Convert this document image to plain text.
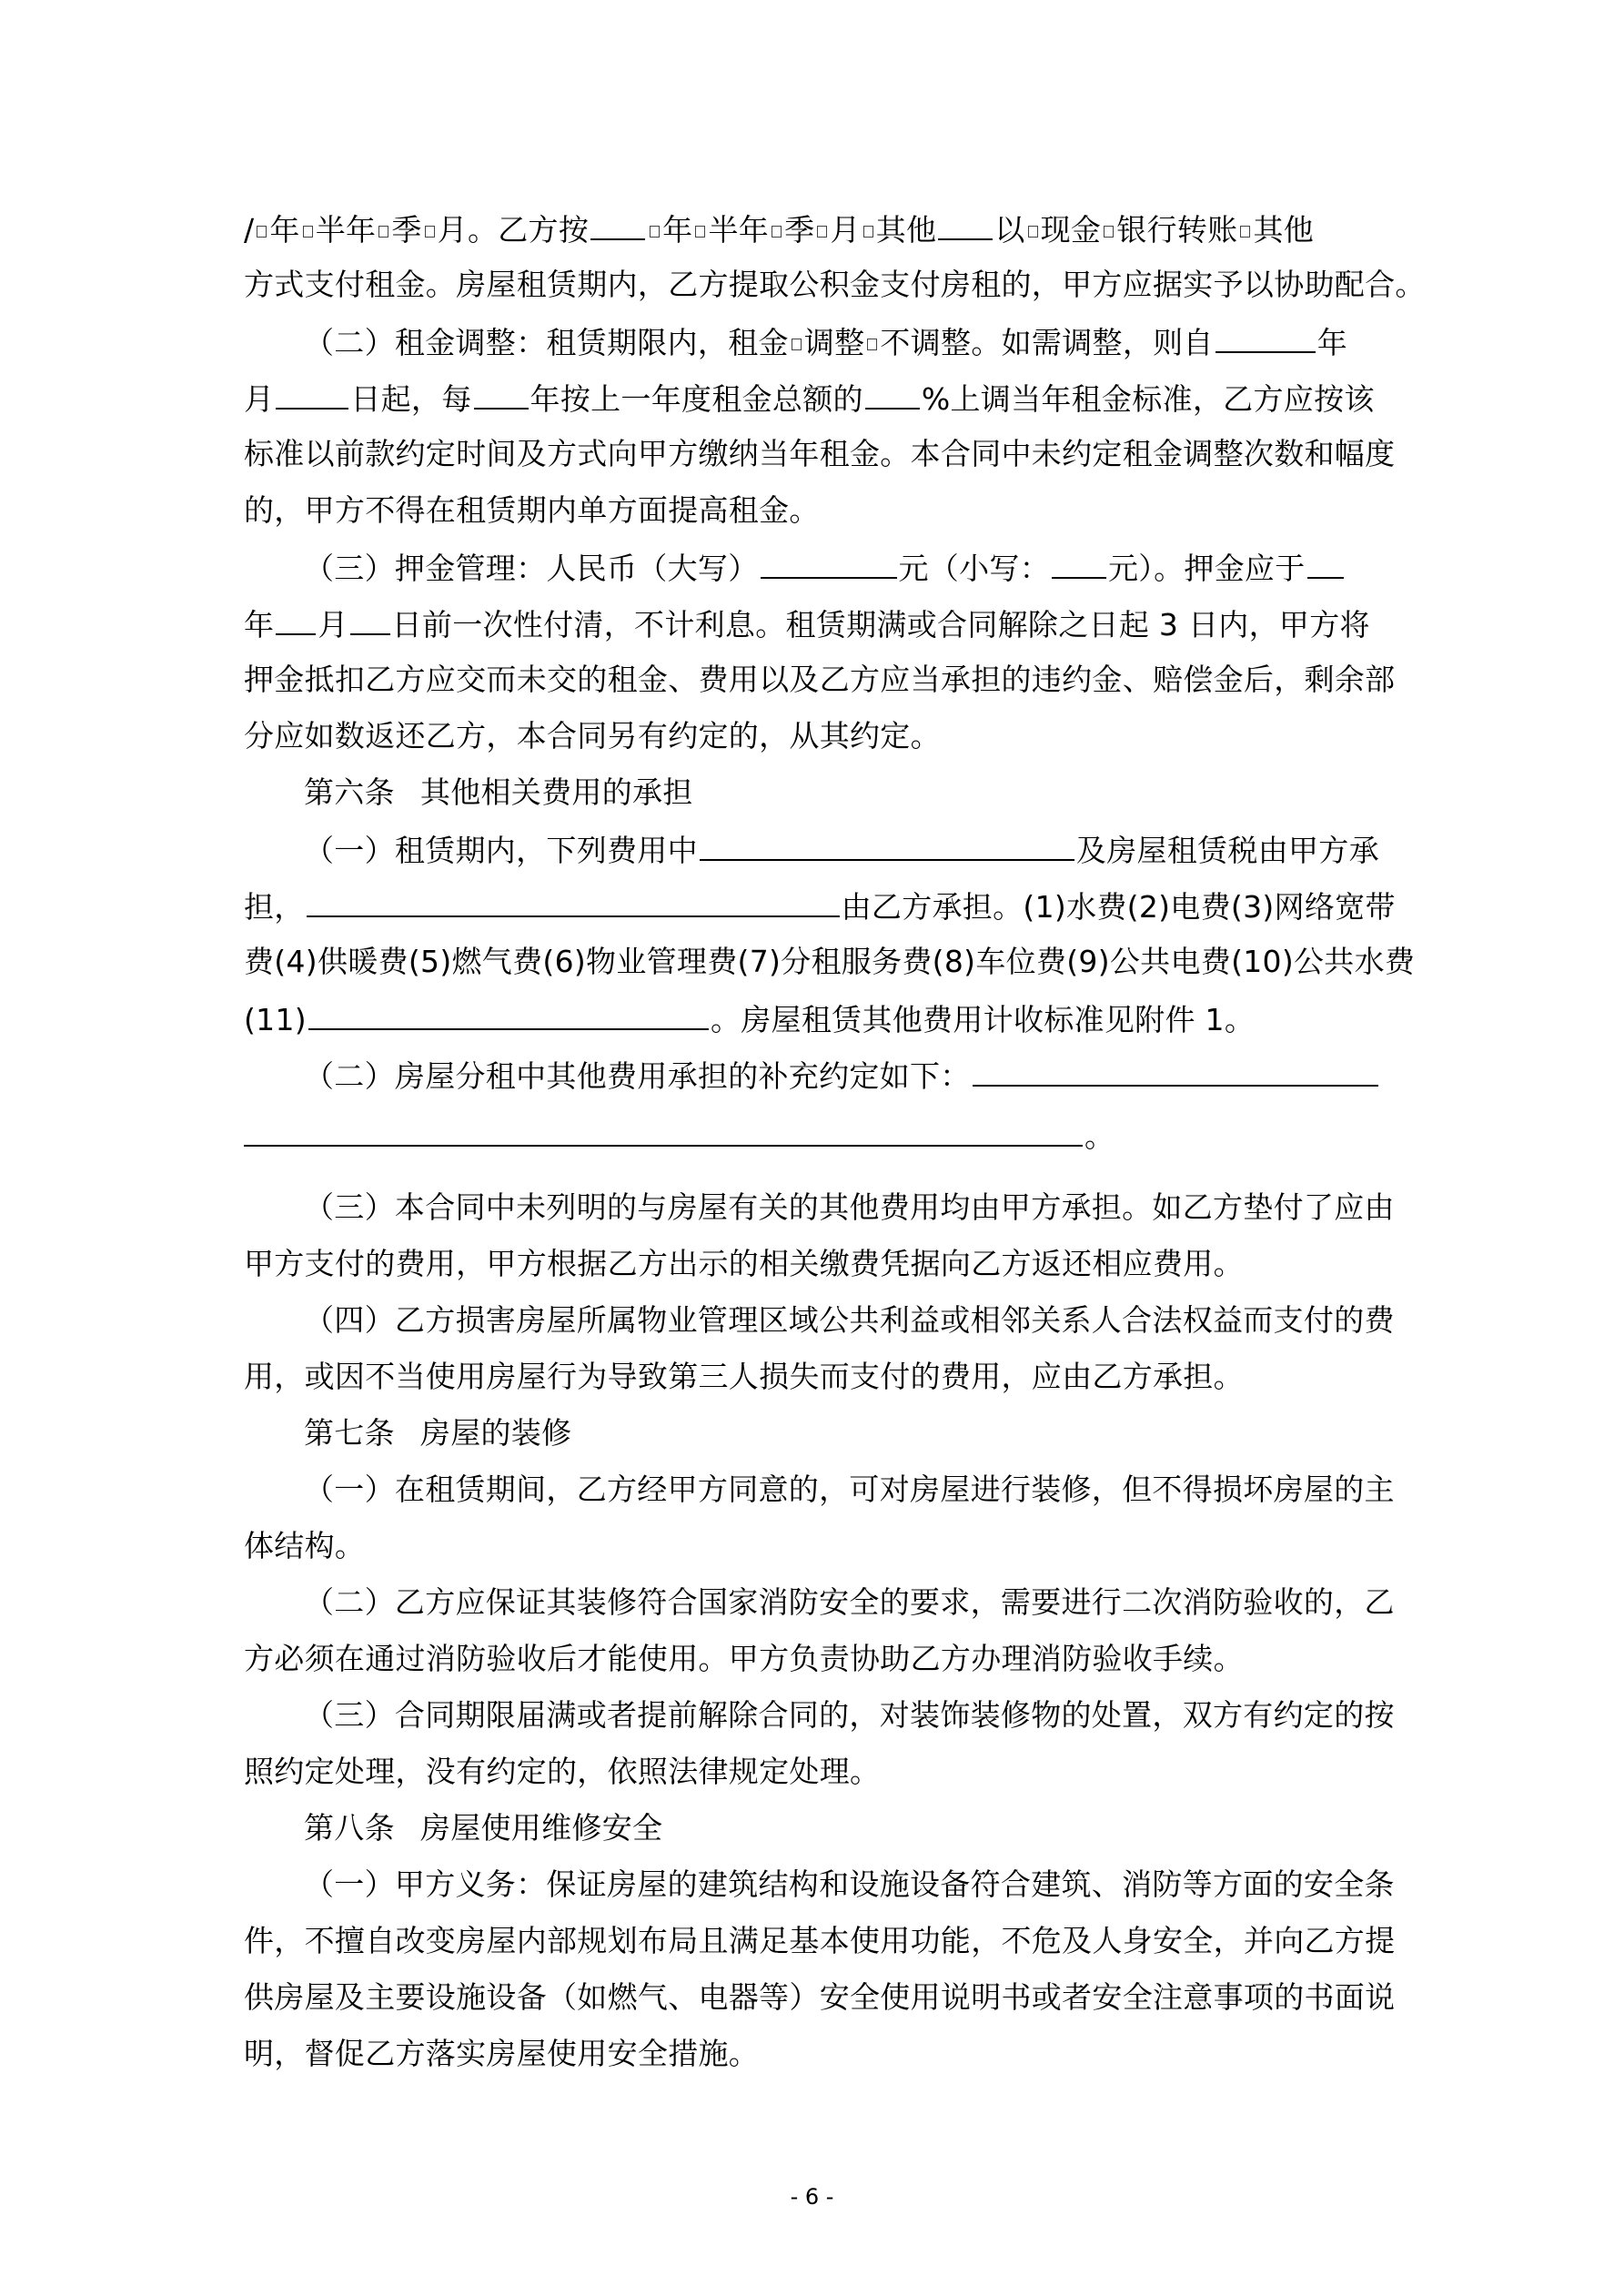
/ 年 半年 季 月。乙方按 年 半年 季 月 其他 以 现金 银行转账 其他
方式支付租金。房屋租赁期内，乙方提取公积金支付房租的，甲方应据实予以协助配合。
（二）租金调整：租赁期限内，租金 调整 不调整。如需调整，则自	年
月	日起，每 年按上一年度租金总额的 %上调当年租金标准，乙方应按该
标准以前款约定时间及方式向甲方缴纳当年租金。本合同中未约定租金调整次数和幅度
的，甲方不得在租赁期内单方面提高租金。
（三）押金管理：人民币（大写）	元（小写： 元）。押金应于
年 月 日前一次性付清，不计利息。租赁期满或合同解除之日起 3 日内，甲方将
押金抵扣乙方应交而未交的租金、费用以及乙方应当承担的违约金、赔偿金后，剩余部
分应如数返还乙方，本合同另有约定的，从其约定。
第六条 其他相关费用的承担
（一）租赁期内，下列费用中	及房屋租赁税由甲方承
担，	由乙方承担。(1)水费(2)电费(3)网络宽带
费(4)供暖费(5)燃气费(6)物业管理费(7)分租服务费(8)车位费(9)公共电费(10)公共水费
(11)	。房屋租赁其他费用计收标准见附件 1。
（二）房屋分租中其他费用承担的补充约定如下：
。
（三）本合同中未列明的与房屋有关的其他费用均由甲方承担。如乙方垫付了应由
甲方支付的费用，甲方根据乙方出示的相关缴费凭据向乙方返还相应费用。
（四）乙方损害房屋所属物业管理区域公共利益或相邻关系人合法权益而支付的费
用，或因不当使用房屋行为导致第三人损失而支付的费用，应由乙方承担。
第七条 房屋的装修
（一）在租赁期间，乙方经甲方同意的，可对房屋进行装修，但不得损坏房屋的主
体结构。
（二）乙方应保证其装修符合国家消防安全的要求，需要进行二次消防验收的，乙
方必须在通过消防验收后才能使用。甲方负责协助乙方办理消防验收手续。
（三）合同期限届满或者提前解除合同的，对装饰装修物的处置，双方有约定的按
照约定处理，没有约定的，依照法律规定处理。
第八条 房屋使用维修安全
（一）甲方义务：保证房屋的建筑结构和设施设备符合建筑、消防等方面的安全条
件，不擅自改变房屋内部规划布局且满足基本使用功能，不危及人身安全，并向乙方提
供房屋及主要设施设备（如燃气、电器等）安全使用说明书或者安全注意事项的书面说
明，督促乙方落实房屋使用安全措施。
- 6 -
